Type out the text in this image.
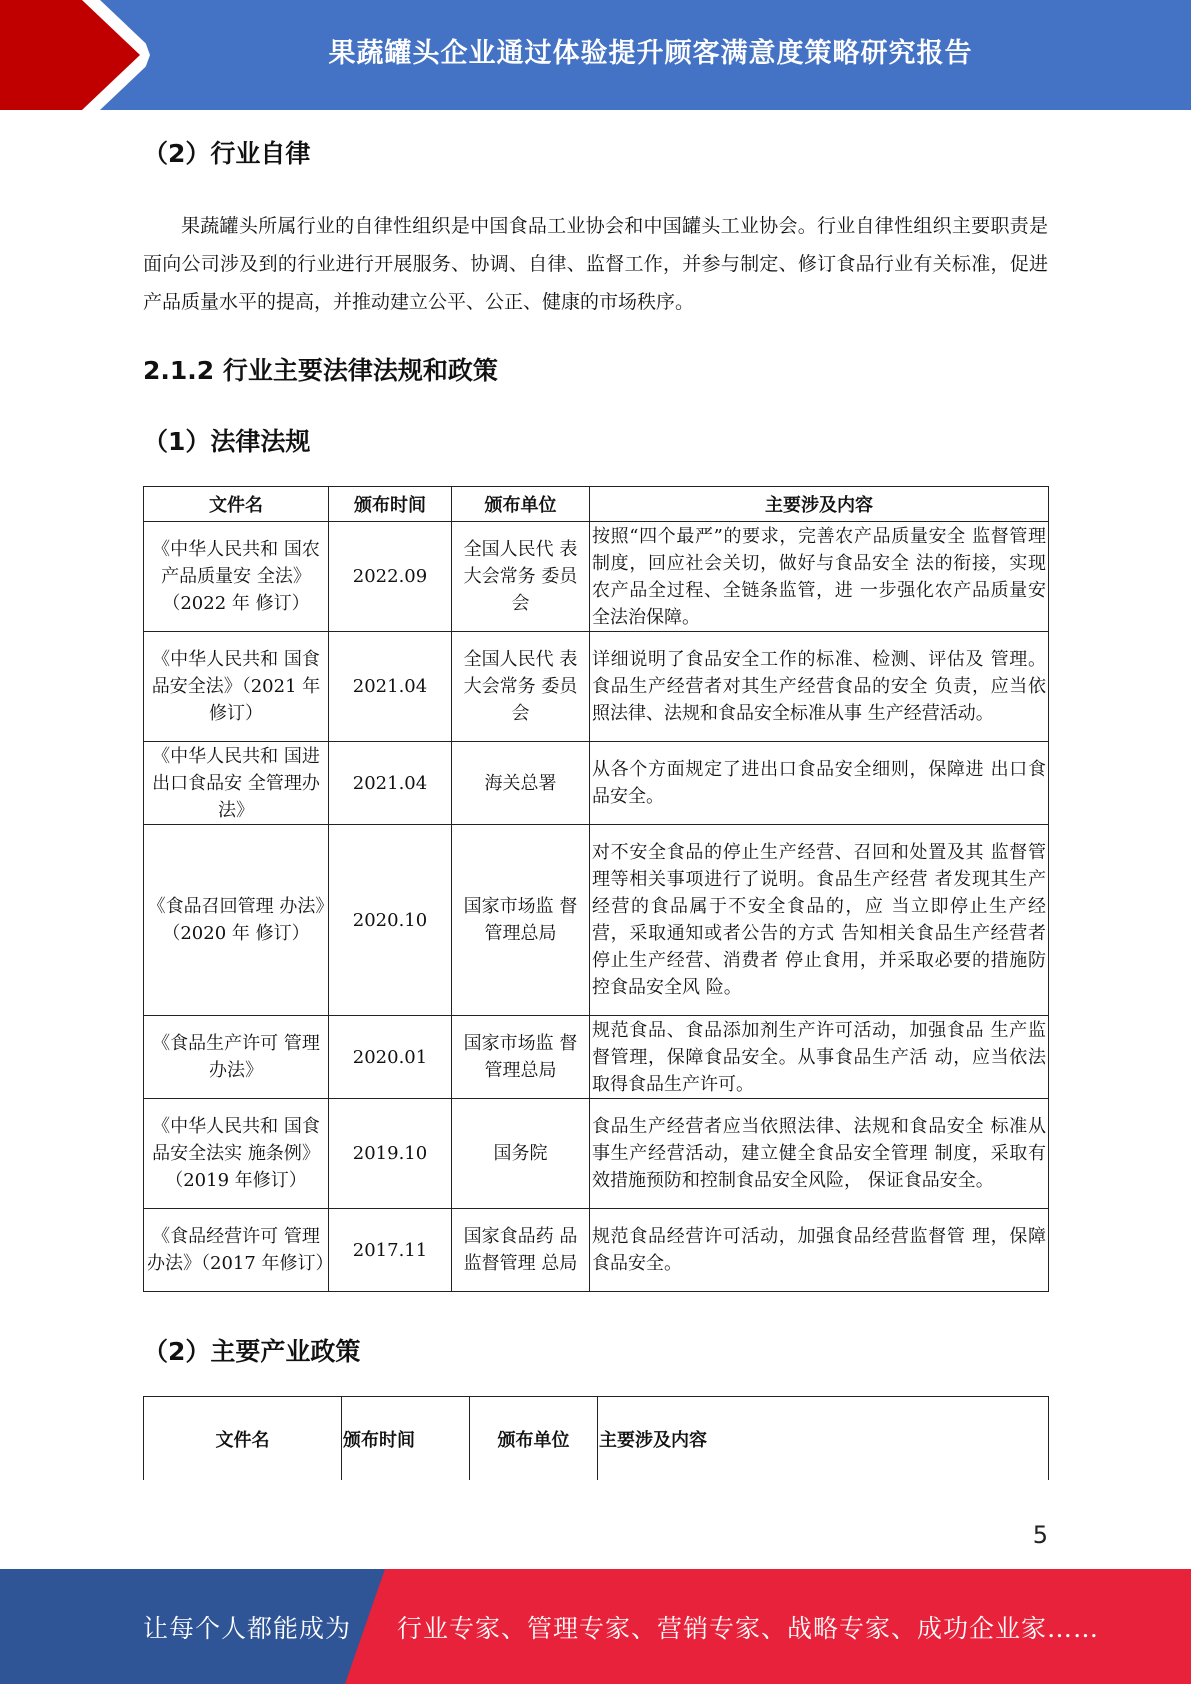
果蔬罐头企业通过体验提升顾客满意度策略研究报告
（2）行业自律

果蔬罐头所属行业的自律性组织是中国食品工业协会和中国罐头工业协会。行业自律性组织主要职责是面向公司涉及到的行业进行开展服务、协调、自律、监督工作，并参与制定、修订食品行业有关标准，促进产品质量水平的提高，并推动建立公平、公正、健康的市场秩序。

2.1.2 行业主要法律法规和政策
（1）法律法规
文件名	颁布时间	颁布单位	主要涉及内容
《中华人民共和 国农产品质量安 全法》（2022 年 修订）	2022.09	全国人民代 表大会常务 委员会	按照“四个最严”的要求，完善农产品质量安全 监督管理制度，回应社会关切，做好与食品安全 法的衔接，实现农产品全过程、全链条监管，进 一步强化农产品质量安全法治保障。
《中华人民共和 国食品安全法》（2021 年修订）	2021.04	全国人民代 表大会常务 委员会	详细说明了食品安全工作的标准、检测、评估及 管理。食品生产经营者对其生产经营食品的安全 负责，应当依照法律、法规和食品安全标准从事 生产经营活动。
《中华人民共和 国进出口食品安 全管理办法》	2021.04	海关总署	从各个方面规定了进出口食品安全细则，保障进 出口食品安全。
《食品召回管理 办法》（2020 年 修订）	2020.10	国家市场监 督管理总局	对不安全食品的停止生产经营、召回和处置及其 监督管理等相关事项进行了说明。食品生产经营 者发现其生产经营的食品属于不安全食品的，应 当立即停止生产经营，采取通知或者公告的方式 告知相关食品生产经营者停止生产经营、消费者 停止食用，并采取必要的措施防控食品安全风 险。
《食品生产许可 管理办法》	2020.01	国家市场监 督管理总局	规范食品、食品添加剂生产许可活动，加强食品 生产监督管理，保障食品安全。从事食品生产活 动，应当依法取得食品生产许可。
《中华人民共和 国食品安全法实 施条例》（2019 年修订）	2019.10	国务院	食品生产经营者应当依照法律、法规和食品安全 标准从事生产经营活动，建立健全食品安全管理 制度，采取有效措施预防和控制食品安全风险， 保证食品安全。
《食品经营许可 管理办法》（2017 年修订）	2017.11	国家食品药 品监督管理 总局	规范食品经营许可活动，加强食品经营监督管 理，保障食品安全。
（2）主要产业政策
文件名	颁布时间	颁布单位	主要涉及内容
5
让每个人都能成为 行业专家、管理专家、营销专家、战略专家、成功企业家……
